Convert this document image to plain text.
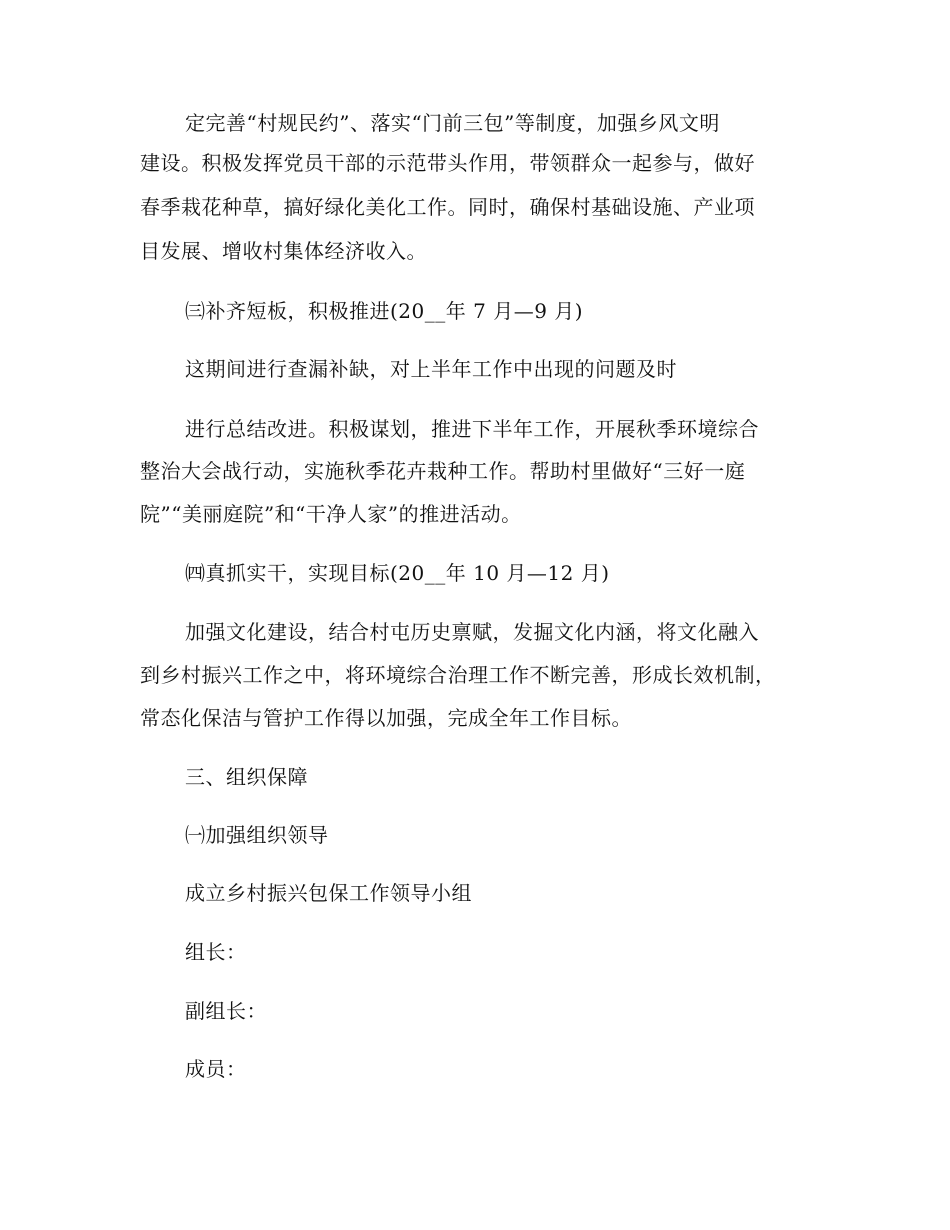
定完善“村规民约”、落实“门前三包”等制度，加强乡风文明
建设。积极发挥党员干部的示范带头作用，带领群众一起参与，做好
春季栽花种草，搞好绿化美化工作。同时，确保村基础设施、产业项
目发展、增收村集体经济收入。
㈢补齐短板，积极推进(20__年 7 月—9 月)
这期间进行查漏补缺，对上半年工作中出现的问题及时
进行总结改进。积极谋划，推进下半年工作，开展秋季环境综合
整治大会战行动，实施秋季花卉栽种工作。帮助村里做好“三好一庭
院”“美丽庭院”和“干净人家”的推进活动。
㈣真抓实干，实现目标(20__年 10 月—12 月)
加强文化建设，结合村屯历史禀赋，发掘文化内涵，将文化融入
到乡村振兴工作之中，将环境综合治理工作不断完善，形成长效机制，
常态化保洁与管护工作得以加强，完成全年工作目标。
三、组织保障
㈠加强组织领导
成立乡村振兴包保工作领导小组
组长：
副组长：
成员：
